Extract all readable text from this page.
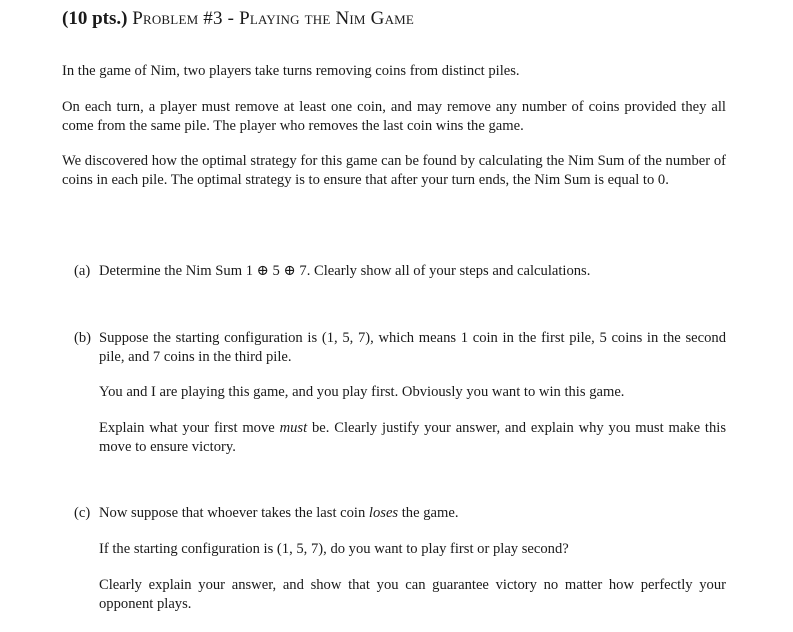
(10 pts.) Problem #3 - Playing the Nim Game
In the game of Nim, two players take turns removing coins from distinct piles.
On each turn, a player must remove at least one coin, and may remove any number of coins provided they all come from the same pile. The player who removes the last coin wins the game.
We discovered how the optimal strategy for this game can be found by calculating the Nim Sum of the number of coins in each pile. The optimal strategy is to ensure that after your turn ends, the Nim Sum is equal to 0.
(a) Determine the Nim Sum 1 ⊕ 5 ⊕ 7. Clearly show all of your steps and calculations.
(b) Suppose the starting configuration is (1, 5, 7), which means 1 coin in the first pile, 5 coins in the second pile, and 7 coins in the third pile.
You and I are playing this game, and you play first. Obviously you want to win this game.
Explain what your first move must be. Clearly justify your answer, and explain why you must make this move to ensure victory.
(c) Now suppose that whoever takes the last coin loses the game.
If the starting configuration is (1, 5, 7), do you want to play first or play second?
Clearly explain your answer, and show that you can guarantee victory no matter how perfectly your opponent plays.
